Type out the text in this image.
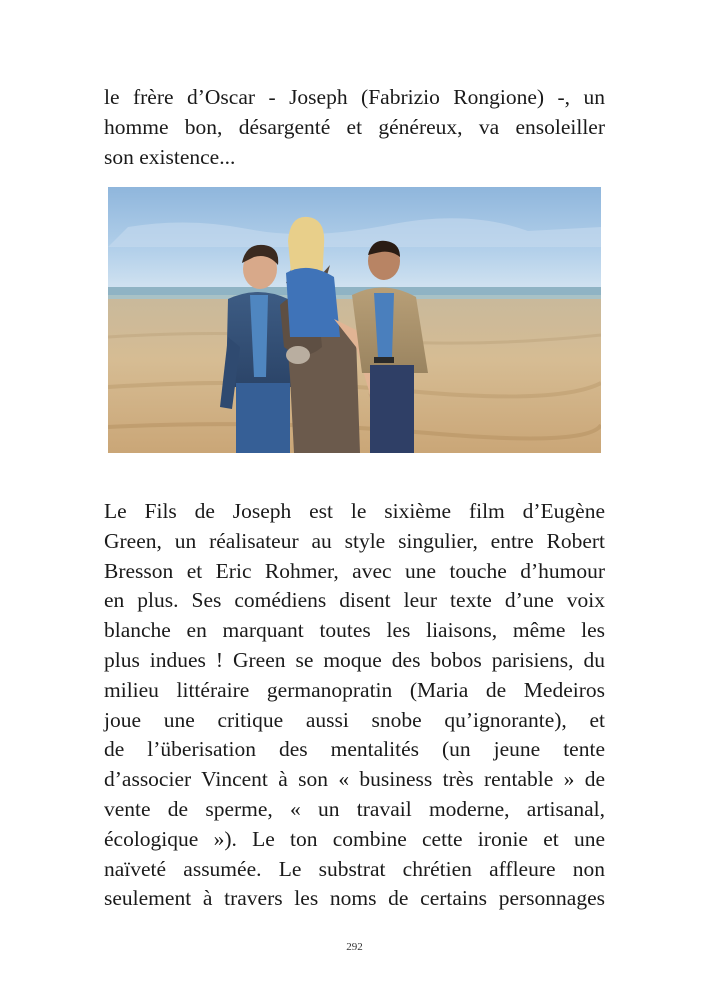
le frère d’Oscar - Joseph (Fabrizio Rongione) -, un
homme bon, désargenté et généreux, va ensoleiller
son existence...
Le Fils de Joseph est le sixième film d’Eugène
Green, un réalisateur au style singulier, entre Robert
Bresson et Eric Rohmer, avec une touche d’humour
en plus. Ses comédiens disent leur texte d’une voix
blanche en marquant toutes les liaisons, même les
plus indues ! Green se moque des bobos parisiens, du
milieu littéraire germanopratin (Maria de Medeiros
joue une critique aussi snobe qu’ignorante), et
de l’überisation des mentalités (un jeune tente
d’associer Vincent à son « business très rentable » de
vente de sperme, « un travail moderne, artisanal,
écologique »). Le ton combine cette ironie et une
naïveté assumée. Le substrat chrétien affleure non
seulement à travers les noms de certains personnages
292
